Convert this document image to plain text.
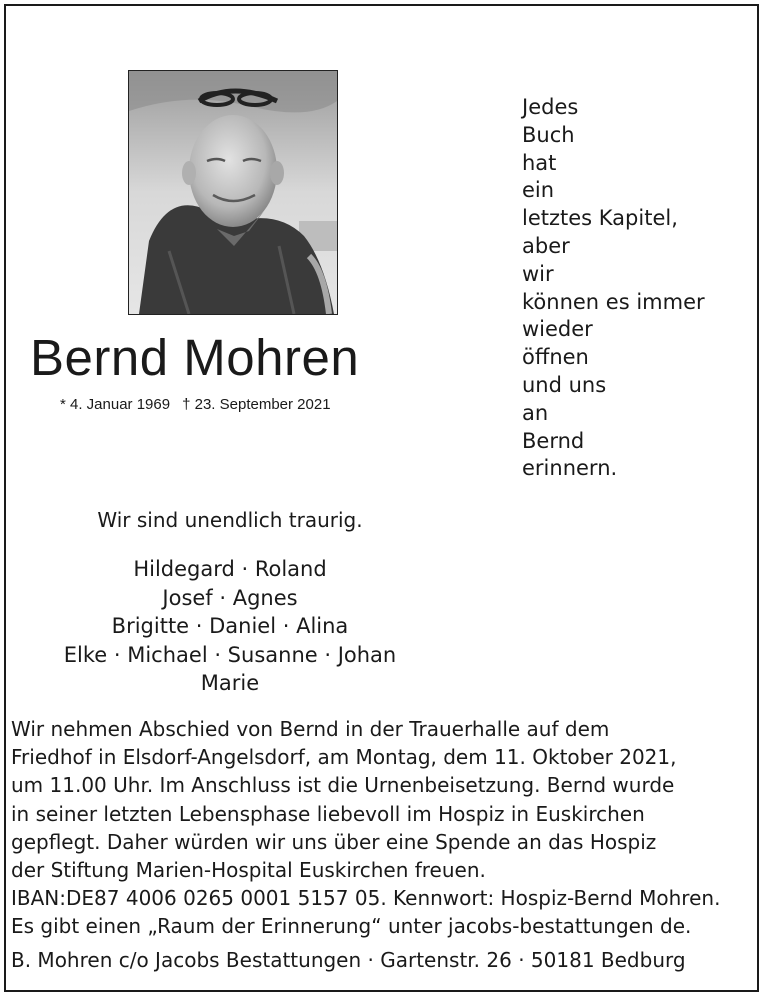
Bernd Mohren
* 4. Januar 1969 † 23. September 2021
Jedes
Buch
hat
ein
letztes Kapitel,
aber
wir
können es immer
wieder
öffnen
und uns
an
Bernd
erinnern.
Wir sind unendlich traurig.
Hildegard · Roland
Josef · Agnes
Brigitte · Daniel · Alina
Elke · Michael · Susanne · Johan
Marie
Wir nehmen Abschied von Bernd in der Trauerhalle auf dem
Friedhof in Elsdorf-Angelsdorf, am Montag, dem 11. Oktober 2021,
um 11.00 Uhr. Im Anschluss ist die Urnenbeisetzung. Bernd wurde
in seiner letzten Lebensphase liebevoll im Hospiz in Euskirchen
gepflegt. Daher würden wir uns über eine Spende an das Hospiz
der Stiftung Marien-Hospital Euskirchen freuen.
IBAN:DE87 4006 0265 0001 5157 05. Kennwort: Hospiz-Bernd Mohren.
Es gibt einen „Raum der Erinnerung“ unter jacobs-bestattungen de.
B. Mohren c/o Jacobs Bestattungen · Gartenstr. 26 · 50181 Bedburg
